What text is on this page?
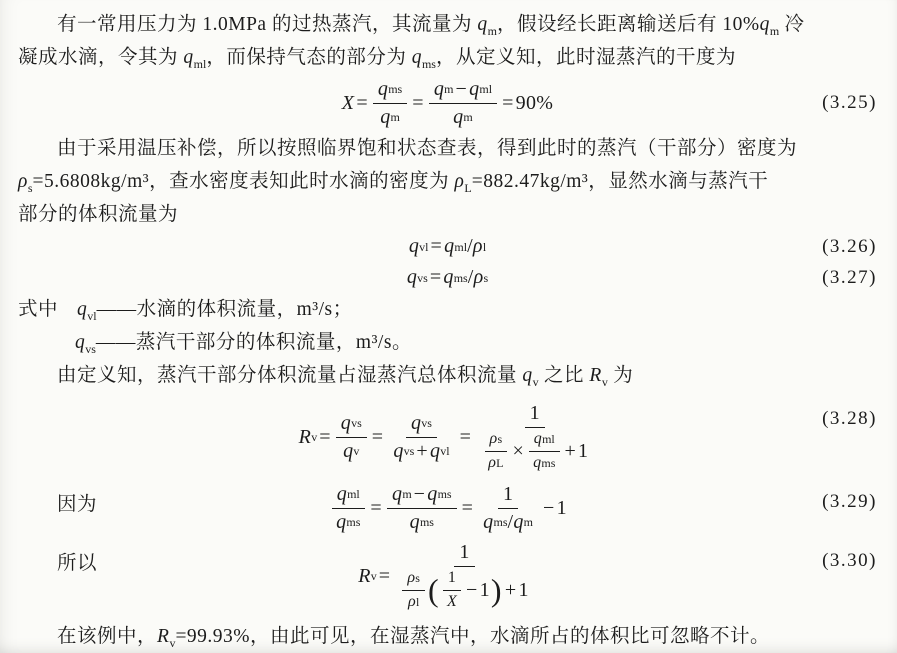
有一常用压力为 1.0MPa 的过热蒸汽，其流量为 $q_m$，假设经长距离输送后有 $10\%q_m$ 冷

凝成水滴，令其为 $q_{ml}$，而保持气态的部分为 $q_{ms}$，从定义知，此时湿蒸汽的干度为

X =
q ms
q m
=
q m − q ml
q m
= 90%	(3.25)

由于采用温压补偿，所以按照临界饱和状态查表，得到此时的蒸汽（干部分）密度为

$\rho_s=5.6808kg/m^3$，查水密度表知此时水滴的密度为 $\rho_L=882.47kg/m^3$，显然水滴与蒸汽干

部分的体积流量为

q vl = q ml / ρ l	(3.26)
q vs = q ms / ρ s	(3.27)

式中 $q_{vl}——$水滴的体积流量，m³/s；

$q_{vs}——$蒸汽干部分的体积流量，m³/s。

由定义知，蒸汽干部分体积流量占湿蒸汽总体积流量 $q_v$ 之比 $R_v$ 为

R v =
q vs
q v
=
q vs
q vs + q vl
=
1
$\frac{\text{ρ s}}{\text{ρ L}}$ ×
q ml
q ms
+ 1
(3.28)
因为
q ml
q ms
=
q m − q ms
q ms
=
1
q ms / q m
− 1	(3.29)
所以
R v =
1
ρ s
ρ l ( 1
X
− 1 ) + 1
(3.30)

在该例中，$R_v=99.93\%$，由此可见，在湿蒸汽中，水滴所占的体积比可忽略不计。
